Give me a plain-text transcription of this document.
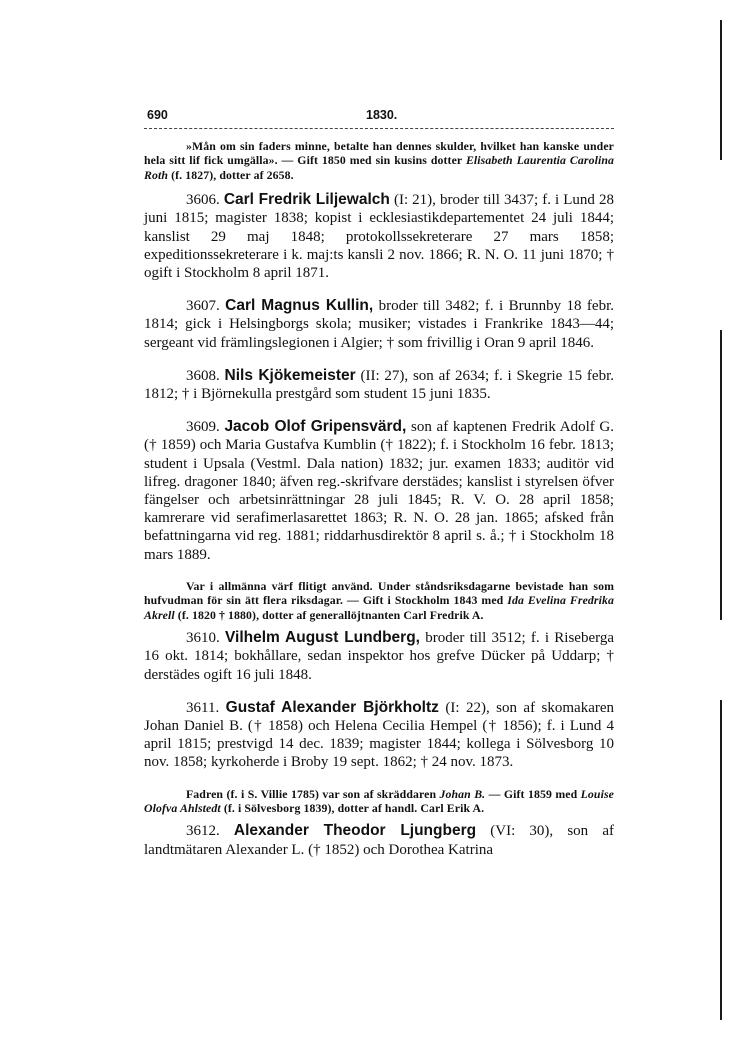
690	1830.

»Mån om sin faders minne, betalte han dennes skulder, hvilket han kanske under hela sitt lif fick umgälla». — Gift 1850 med sin kusins dotter Elisabeth Laurentia Carolina Roth (f. 1827), dotter af 2658.

3606. Carl Fredrik Liljewalch (I: 21), broder till 3437; f. i Lund 28 juni 1815; magister 1838; kopist i ecklesiastikdepartementet 24 juli 1844; kanslist 29 maj 1848; protokollssekreterare 27 mars 1858; expeditionssekreterare i k. maj:ts kansli 2 nov. 1866; R. N. O. 11 juni 1870; † ogift i Stockholm 8 april 1871.

3607. Carl Magnus Kullin, broder till 3482; f. i Brunnby 18 febr. 1814; gick i Helsingborgs skola; musiker; vistades i Frankrike 1843—44; sergeant vid främlingslegionen i Algier; † som frivillig i Oran 9 april 1846.

3608. Nils Kjökemeister (II: 27), son af 2634; f. i Skegrie 15 febr. 1812; † i Björnekulla prestgård som student 15 juni 1835.

3609. Jacob Olof Gripensvärd, son af kaptenen Fredrik Adolf G. († 1859) och Maria Gustafva Kumblin († 1822); f. i Stockholm 16 febr. 1813; student i Upsala (Vestml. Dala nation) 1832; jur. examen 1833; auditör vid lifreg. dragoner 1840; äfven reg.-skrifvare derstädes; kanslist i styrelsen öfver fängelser och arbetsinrättningar 28 juli 1845; R. V. O. 28 april 1858; kamrerare vid serafimerlasarettet 1863; R. N. O. 28 jan. 1865; afsked från befattningarna vid reg. 1881; riddarhusdirektör 8 april s. å.; † i Stockholm 18 mars 1889.

Var i allmänna värf flitigt använd. Under ståndsriksdagarne bevistade han som hufvudman för sin ätt flera riksdagar. — Gift i Stockholm 1843 med Ida Evelina Fredrika Akrell (f. 1820 † 1880), dotter af generallöjtnanten Carl Fredrik A.

3610. Vilhelm August Lundberg, broder till 3512; f. i Riseberga 16 okt. 1814; bokhållare, sedan inspektor hos grefve Dücker på Uddarp; † derstädes ogift 16 juli 1848.

3611. Gustaf Alexander Björkholtz (I: 22), son af skomakaren Johan Daniel B. († 1858) och Helena Cecilia Hempel († 1856); f. i Lund 4 april 1815; prestvigd 14 dec. 1839; magister 1844; kollega i Sölvesborg 10 nov. 1858; kyrkoherde i Broby 19 sept. 1862; † 24 nov. 1873.

Fadren (f. i S. Villie 1785) var son af skräddaren Johan B. — Gift 1859 med Louise Olofva Ahlstedt (f. i Sölvesborg 1839), dotter af handl. Carl Erik A.

3612. Alexander Theodor Ljungberg (VI: 30), son af landtmätaren Alexander L. († 1852) och Dorothea Katrina
